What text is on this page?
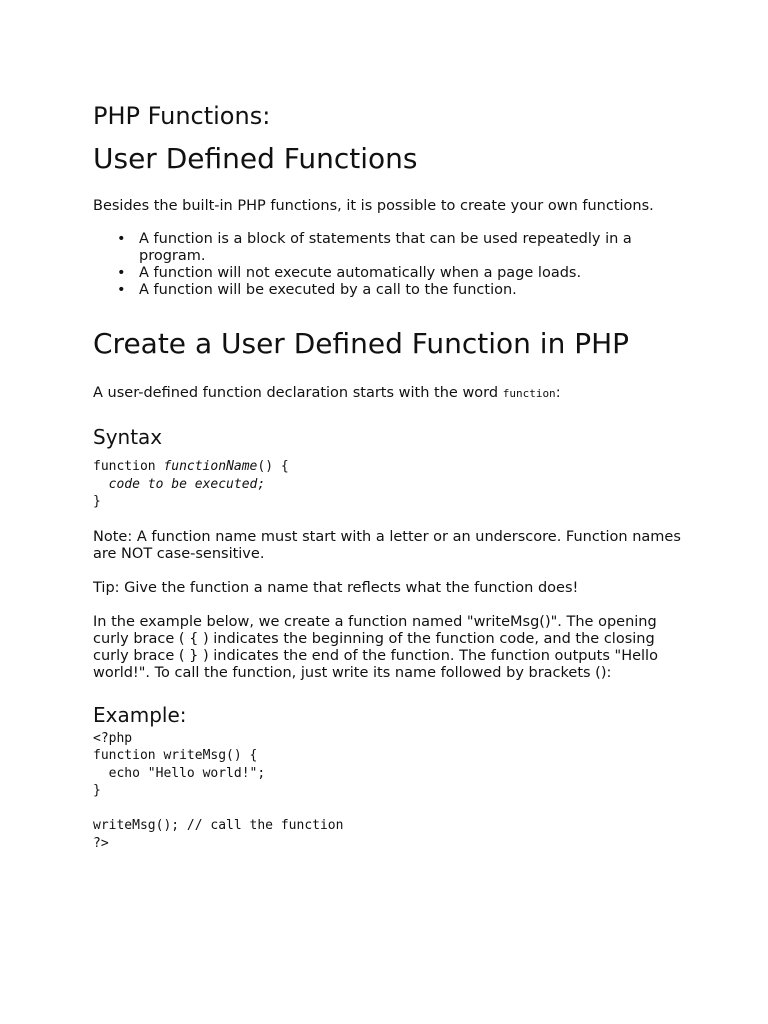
PHP Functions:
User Defined Functions

Besides the built-in PHP functions, it is possible to create your own functions.

• A function is a block of statements that can be used repeatedly in a program.
• A function will not execute automatically when a page loads.
• A function will be executed by a call to the function.
Create a User Defined Function in PHP

A user-defined function declaration starts with the word function:

Syntax
function functionName() {
code to be executed;
}

Note: A function name must start with a letter or an underscore. Function names are NOT case-sensitive.

Tip: Give the function a name that reflects what the function does!

In the example below, we create a function named "writeMsg()". The opening curly brace ( { ) indicates the beginning of the function code, and the closing curly brace ( } ) indicates the end of the function. The function outputs "Hello world!". To call the function, just write its name followed by brackets ():

Example:
<?php
function writeMsg() {
echo "Hello world!";
}

writeMsg(); // call the function
?>
